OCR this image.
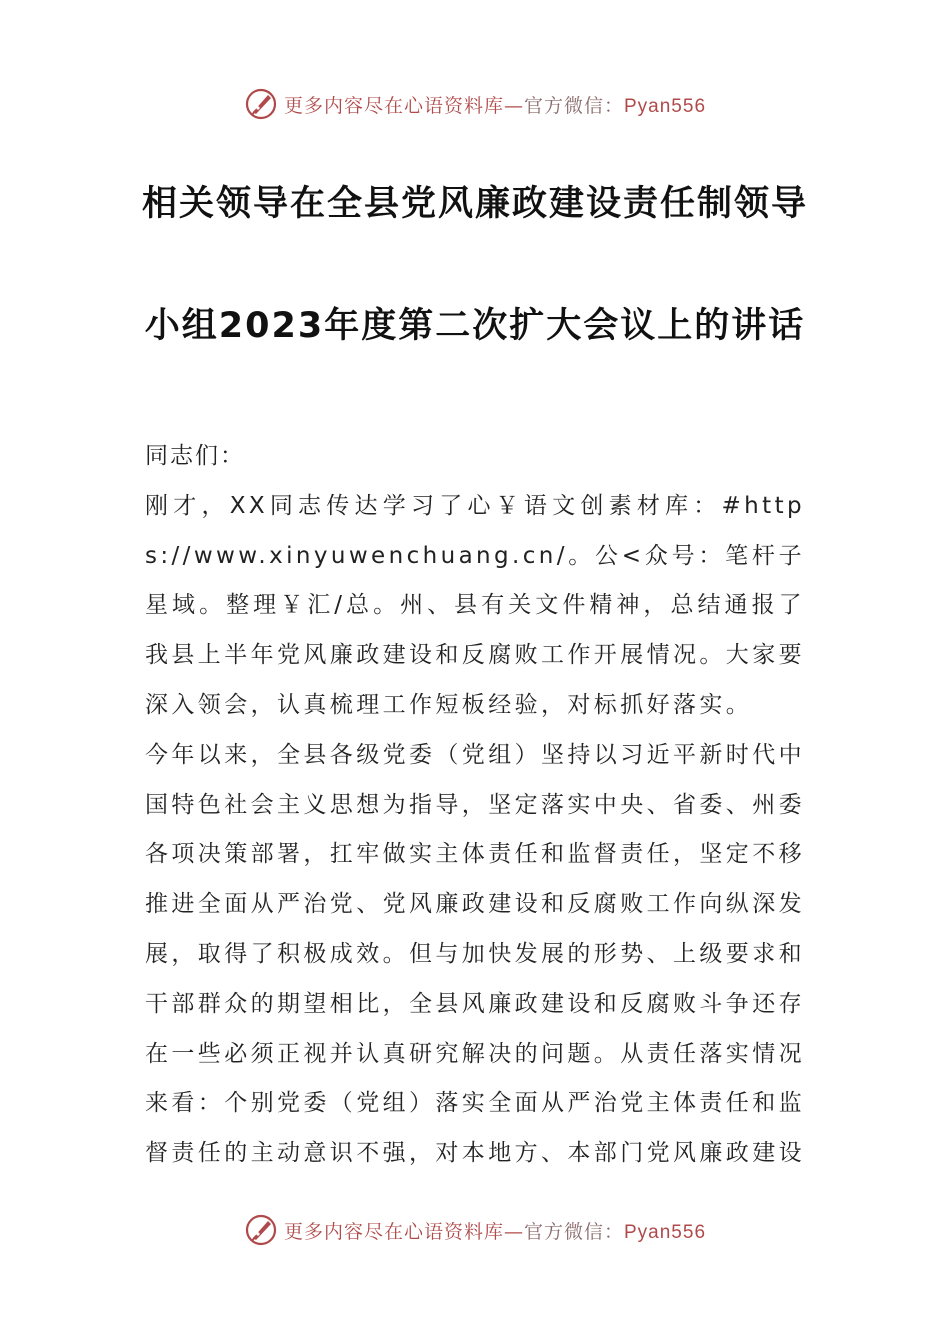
更多内容尽在心语资料库—官方微信：Pyan556
相关领导在全县党风廉政建设责任制领导
小组2023年度第二次扩大会议上的讲话

同志们：

刚才，XX同志传达学习了心￥语文创素材库：#https://www.xinyuwenchuang.cn/。公<众号：笔杆子星域。整理￥汇/总。州、县有关文件精神，总结通报了我县上半年党风廉政建设和反腐败工作开展情况。大家要深入领会，认真梳理工作短板经验，对标抓好落实。

今年以来，全县各级党委（党组）坚持以习近平新时代中国特色社会主义思想为指导，坚定落实中央、省委、州委各项决策部署，扛牢做实主体责任和监督责任，坚定不移推进全面从严治党、党风廉政建设和反腐败工作向纵深发展，取得了积极成效。但与加快发展的形势、上级要求和干部群众的期望相比，全县风廉政建设和反腐败斗争还存在一些必须正视并认真研究解决的问题。从责任落实情况来看：个别党委（党组）落实全面从严治党主体责任和监督责任的主动意识不强，对本地方、本部门党风廉政建设

更多内容尽在心语资料库—官方微信：Pyan556
